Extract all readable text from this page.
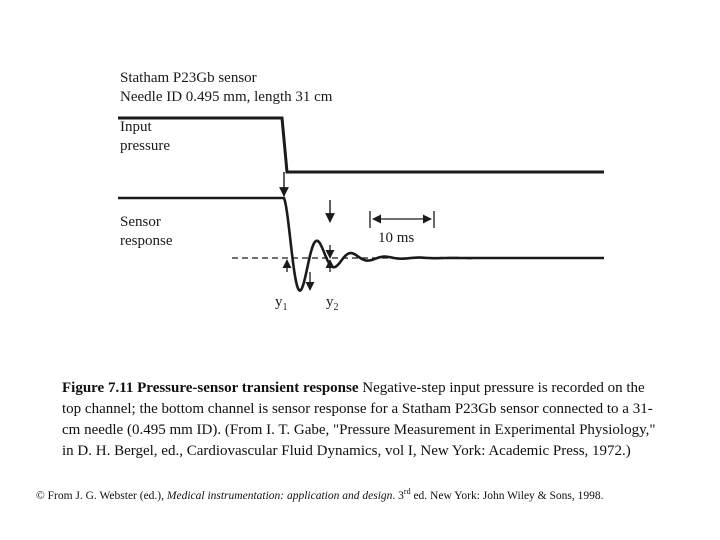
Statham P23Gb sensor
Needle ID 0.495 mm, length 31 cm
Input
pressure
Sensor
response
$y_1$	$y_2$
10 ms
Figure 7.11 Pressure-sensor transient response Negative-step input pressure is recorded on the top channel; the bottom channel is sensor response for a Statham P23Gb sensor connected to a 31-cm needle (0.495 mm ID). (From I. T. Gabe, "Pressure Measurement in Experimental Physiology," in D. H. Bergel, ed., Cardiovascular Fluid Dynamics, vol I, New York: Academic Press, 1972.)
© From J. G. Webster (ed.), Medical instrumentation: application and design. 3rd ed. New York: John Wiley & Sons, 1998.
